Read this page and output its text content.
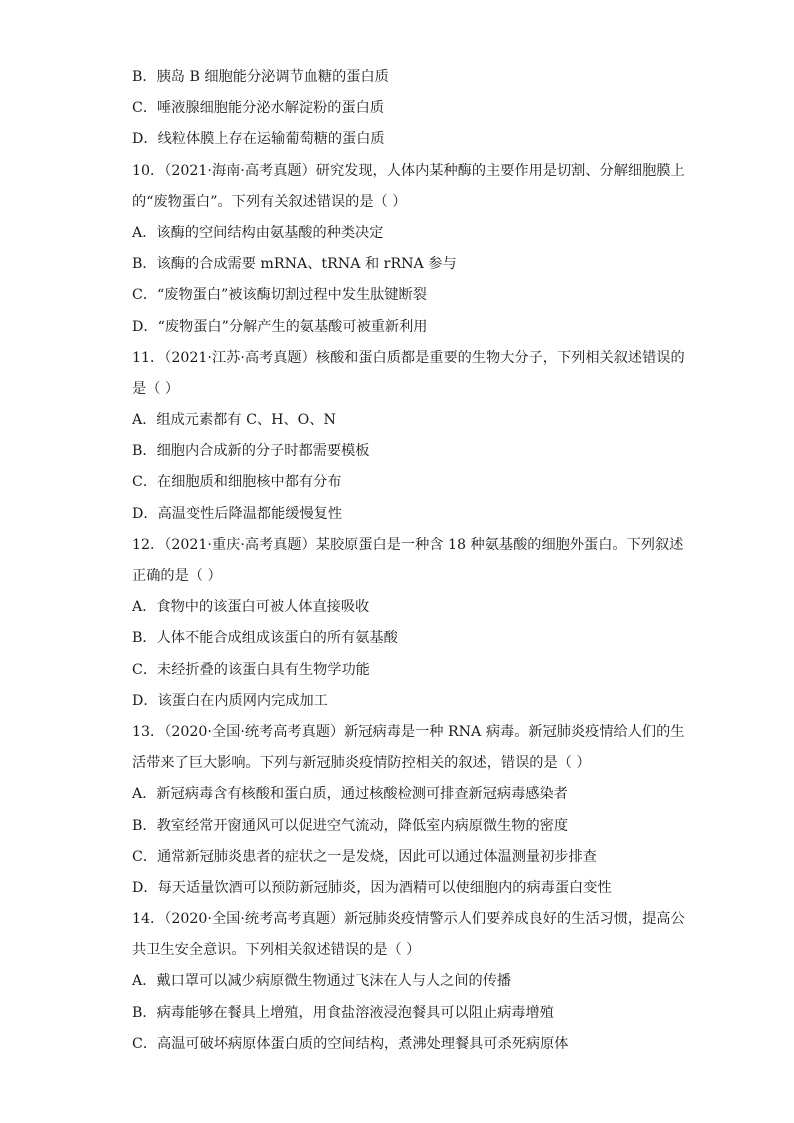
B．胰岛 B 细胞能分泌调节血糖的蛋白质
C．唾液腺细胞能分泌水解淀粉的蛋白质
D．线粒体膜上存在运输葡萄糖的蛋白质
10．（2021·海南·高考真题）研究发现，人体内某种酶的主要作用是切割、分解细胞膜上
的“废物蛋白”。下列有关叙述错误的是（ ）
A．该酶的空间结构由氨基酸的种类决定
B．该酶的合成需要 mRNA、tRNA 和 rRNA 参与
C．“废物蛋白”被该酶切割过程中发生肽键断裂
D．“废物蛋白”分解产生的氨基酸可被重新利用
11．（2021·江苏·高考真题）核酸和蛋白质都是重要的生物大分子，下列相关叙述错误的
是（ ）
A．组成元素都有 C、H、O、N
B．细胞内合成新的分子时都需要模板
C．在细胞质和细胞核中都有分布
D．高温变性后降温都能缓慢复性
12．（2021·重庆·高考真题）某胶原蛋白是一种含 18 种氨基酸的细胞外蛋白。下列叙述
正确的是（ ）
A．食物中的该蛋白可被人体直接吸收
B．人体不能合成组成该蛋白的所有氨基酸
C．未经折叠的该蛋白具有生物学功能
D．该蛋白在内质网内完成加工
13．（2020·全国·统考高考真题）新冠病毒是一种 RNA 病毒。新冠肺炎疫情给人们的生
活带来了巨大影响。下列与新冠肺炎疫情防控相关的叙述，错误的是（ ）
A．新冠病毒含有核酸和蛋白质，通过核酸检测可排查新冠病毒感染者
B．教室经常开窗通风可以促进空气流动，降低室内病原微生物的密度
C．通常新冠肺炎患者的症状之一是发烧，因此可以通过体温测量初步排查
D．每天适量饮酒可以预防新冠肺炎，因为酒精可以使细胞内的病毒蛋白变性
14．（2020·全国·统考高考真题）新冠肺炎疫情警示人们要养成良好的生活习惯，提高公
共卫生安全意识。下列相关叙述错误的是（ ）
A．戴口罩可以减少病原微生物通过飞沫在人与人之间的传播
B．病毒能够在餐具上增殖，用食盐溶液浸泡餐具可以阻止病毒增殖
C．高温可破坏病原体蛋白质的空间结构，煮沸处理餐具可杀死病原体
